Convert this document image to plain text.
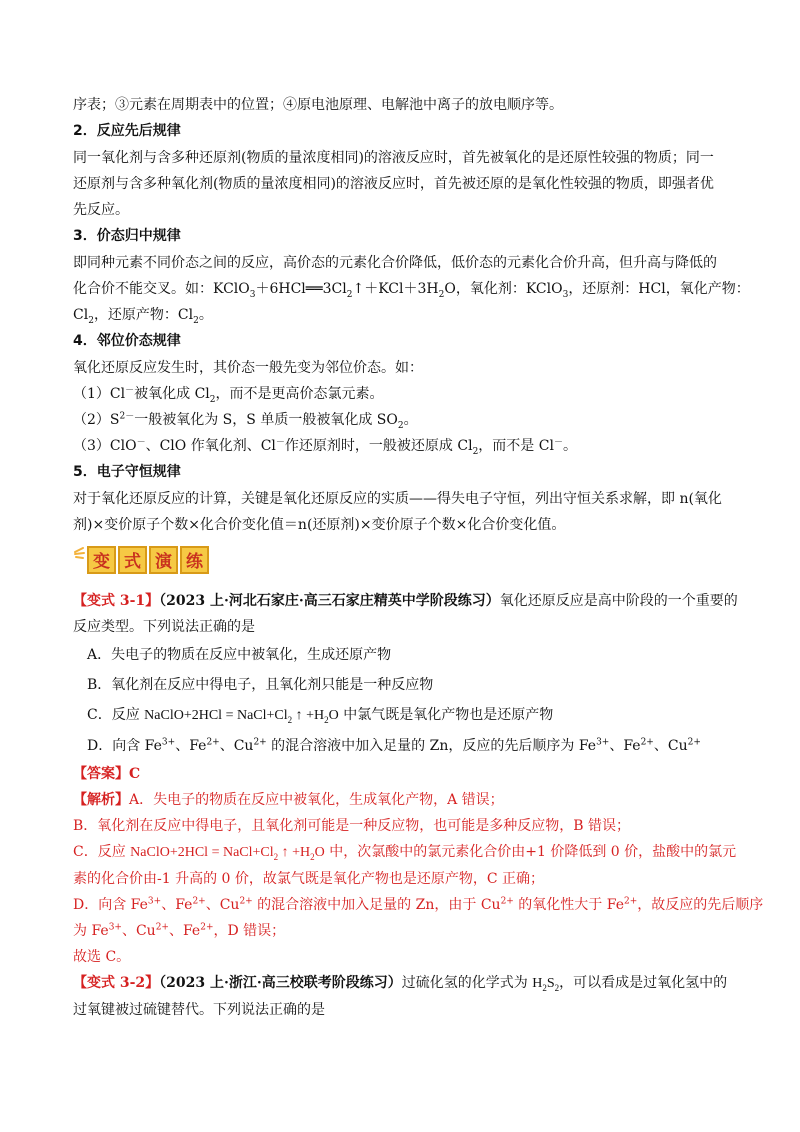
序表；③元素在周期表中的位置；④原电池原理、电解池中离子的放电顺序等。
2．反应先后规律
同一氧化剂与含多种还原剂(物质的量浓度相同)的溶液反应时，首先被氧化的是还原性较强的物质；同一
还原剂与含多种氧化剂(物质的量浓度相同)的溶液反应时，首先被还原的是氧化性较强的物质，即强者优
先反应。
3．价态归中规律
即同种元素不同价态之间的反应，高价态的元素化合价降低，低价态的元素化合价升高，但升高与降低的
化合价不能交叉。如：$KClO_3+6HCl══3Cl_2↑+KCl+3H_2O$，氧化剂：KClO$_3$，还原剂：HCl，氧化产物：
$Cl_2$，还原产物：$Cl_2$。
4．邻位价态规律
氧化还原反应发生时，其价态一般先变为邻位价态。如：
（1）Cl－被氧化成 $Cl_2$，而不是更高价态氯元素。
$(2)S^{2-}$一般被氧化为 S，S 单质一般被氧化成 $SO_2$。
（3）ClO－、ClO 作氧化剂、Cl－作还原剂时，一般被还原成 $Cl_2$，而不是 Cl－。
5．电子守恒规律
对于氧化还原反应的计算，关键是氧化还原反应的实质——得失电子守恒，列出守恒关系求解，即 n(氧化
剂)×变价原子个数×化合价变化值＝n(还原剂)×变价原子个数×化合价变化值。
变 式 演 练
【变式 3-1】（2023 上·河北石家庄·高三石家庄精英中学阶段练习）氧化还原反应是高中阶段的一个重要的
反应类型。下列说法正确的是
A．失电子的物质在反应中被氧化，生成还原产物
B．氧化剂在反应中得电子，且氧化剂只能是一种反应物
C．反应 NaClO+2HCl = $NaCl+Cl_2$ ↑ $+H_2O$ 中氯气既是氧化产物也是还原产物
D．向含 $Fe^{3+}$、$Fe^{2+}$、$Cu^{2+}$ 的混合溶液中加入足量的 Zn，反应的先后顺序为 $Fe^{3+}$、$Fe^{2+}$、$Cu^{2+}$
【答案】C
【解析】A．失电子的物质在反应中被氧化，生成氧化产物，A 错误；
B．氧化剂在反应中得电子，且氧化剂可能是一种反应物，也可能是多种反应物，B 错误；
C．反应 NaClO+2HCl = $NaCl+Cl_2$ ↑ $+H_2O$ 中，次氯酸中的氯元素化合价由+1 价降低到 0 价，盐酸中的氯元
素的化合价由-1 升高的 0 价，故氯气既是氧化产物也是还原产物，C 正确；
D．向含 $Fe^{3+}$、$Fe^{2+}$、$Cu^{2+}$ 的混合溶液中加入足量的 Zn，由于 $Cu^{2+}$ 的氧化性大于 $Fe^{2+}$，故反应的先后顺序
为 $Fe^{3+}$、$Cu^{2+}$、$Fe^{2+}$，D 错误；
故选 C。
【变式 3-2】（2023 上·浙江·高三校联考阶段练习）过硫化氢的化学式为 $H_2S_2$，可以看成是过氧化氢中的
过氧键被过硫键替代。下列说法正确的是
